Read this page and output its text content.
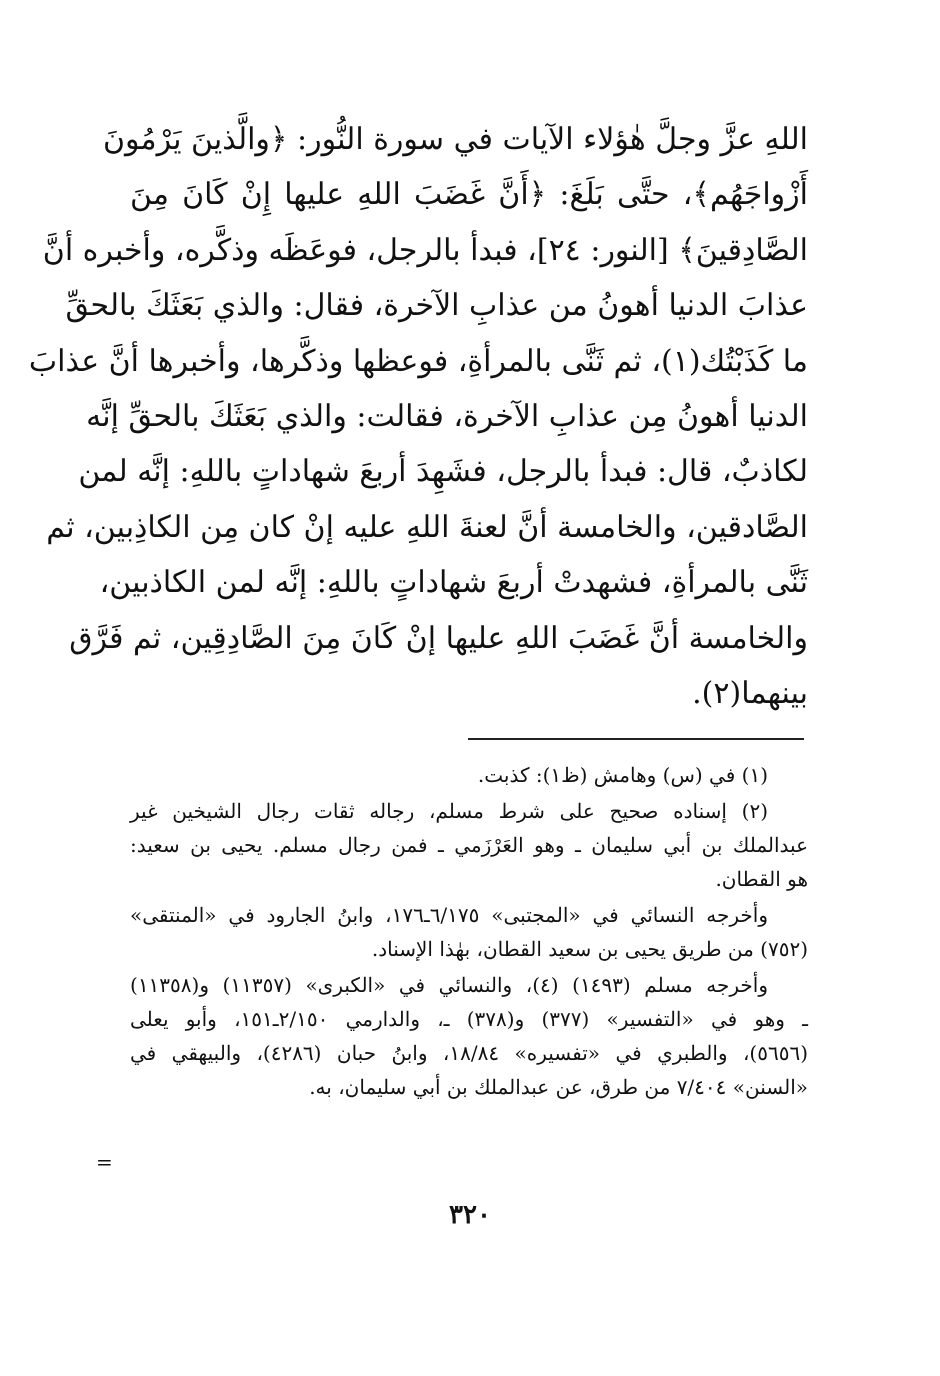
اللهِ عزَّ وجلَّ هٰؤلاء الآيات في سورة النُّور: ﴿والَّذينَ يَرْمُونَ
أَزْواجَهُم﴾، حتَّى بَلَغَ: ﴿أَنَّ غَضَبَ اللهِ عليها إِنْ كَانَ مِنَ
الصَّادِقينَ﴾ [النور: ٢٤]، فبدأ بالرجل، فوعَظَه وذكَّره، وأخبره أنَّ
عذابَ الدنيا أهونُ من عذابِ الآخرة، فقال: والذي بَعَثَكَ بالحقِّ
ما كَذَبْتُك(١)، ثم ثَنَّى بالمرأةِ، فوعظها وذكَّرها، وأخبرها أنَّ عذابَ
الدنيا أهونُ مِن عذابِ الآخرة، فقالت: والذي بَعَثَكَ بالحقِّ إنَّه
لكاذبٌ، قال: فبدأ بالرجل، فشَهِدَ أربعَ شهاداتٍ باللهِ: إنَّه لمن
الصَّادقين، والخامسة أنَّ لعنةَ اللهِ عليه إنْ كان مِن الكاذِبين، ثم
ثَنَّى بالمرأةِ، فشهدتْ أربعَ شهاداتٍ باللهِ: إنَّه لمن الكاذبين،
والخامسة أنَّ غَضَبَ اللهِ عليها إنْ كَانَ مِنَ الصَّادِقِين، ثم فَرَّق
بينهما(٢).
(١) في (س) وهامش (ظ١): كذبت.
(٢) إسناده صحيح على شرط مسلم، رجاله ثقات رجال الشيخين غير
عبدالملك بن أبي سليمان ـ وهو العَرْزَمي ـ فمن رجال مسلم. يحيى بن سعيد:
هو القطان.
وأخرجه النسائي في «المجتبى» ٦/١٧٥ـ١٧٦، وابنُ الجارود في «المنتقى»
(٧٥٢) من طريق يحيى بن سعيد القطان، بهٰذا الإسناد.
وأخرجه مسلم (١٤٩٣) (٤)، والنسائي في «الكبرى» (١١٣٥٧) و(١١٣٥٨)
ـ وهو في «التفسير» (٣٧٧) و(٣٧٨) ـ، والدارمي ٢/١٥٠ـ١٥١، وأبو يعلى
(٥٦٥٦)، والطبري في «تفسيره» ١٨/٨٤، وابنُ حبان (٤٢٨٦)، والبيهقي في
«السنن» ٧/٤٠٤ من طرق، عن عبدالملك بن أبي سليمان، به.
=
٣٢٠
